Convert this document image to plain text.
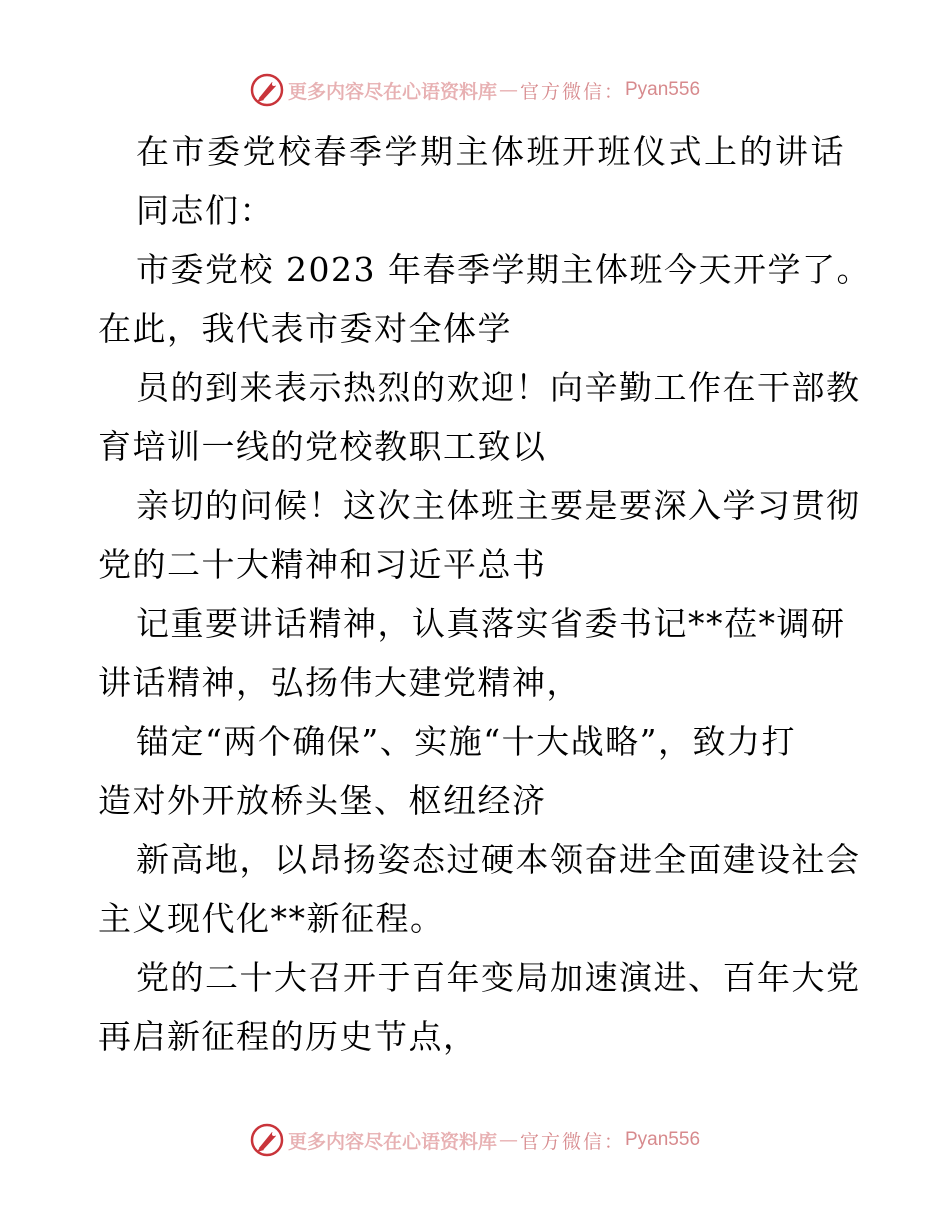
更多内容尽在心语资料库 — 官方微信： Pyan556
在市委党校春季学期主体班开班仪式上的讲话
同志们：
市委党校 2023 年春季学期主体班今天开学了。
在此，我代表市委对全体学
员的到来表示热烈的欢迎！向辛勤工作在干部教
育培训一线的党校教职工致以
亲切的问候！这次主体班主要是要深入学习贯彻
党的二十大精神和习近平总书
记重要讲话精神，认真落实省委书记**莅*调研
讲话精神，弘扬伟大建党精神，
锚定“两个确保”、实施“十大战略”，致力打
造对外开放桥头堡、枢纽经济
新高地，以昂扬姿态过硬本领奋进全面建设社会
主义现代化**新征程。
党的二十大召开于百年变局加速演进、百年大党
再启新征程的历史节点，
更多内容尽在心语资料库 — 官方微信： Pyan556
